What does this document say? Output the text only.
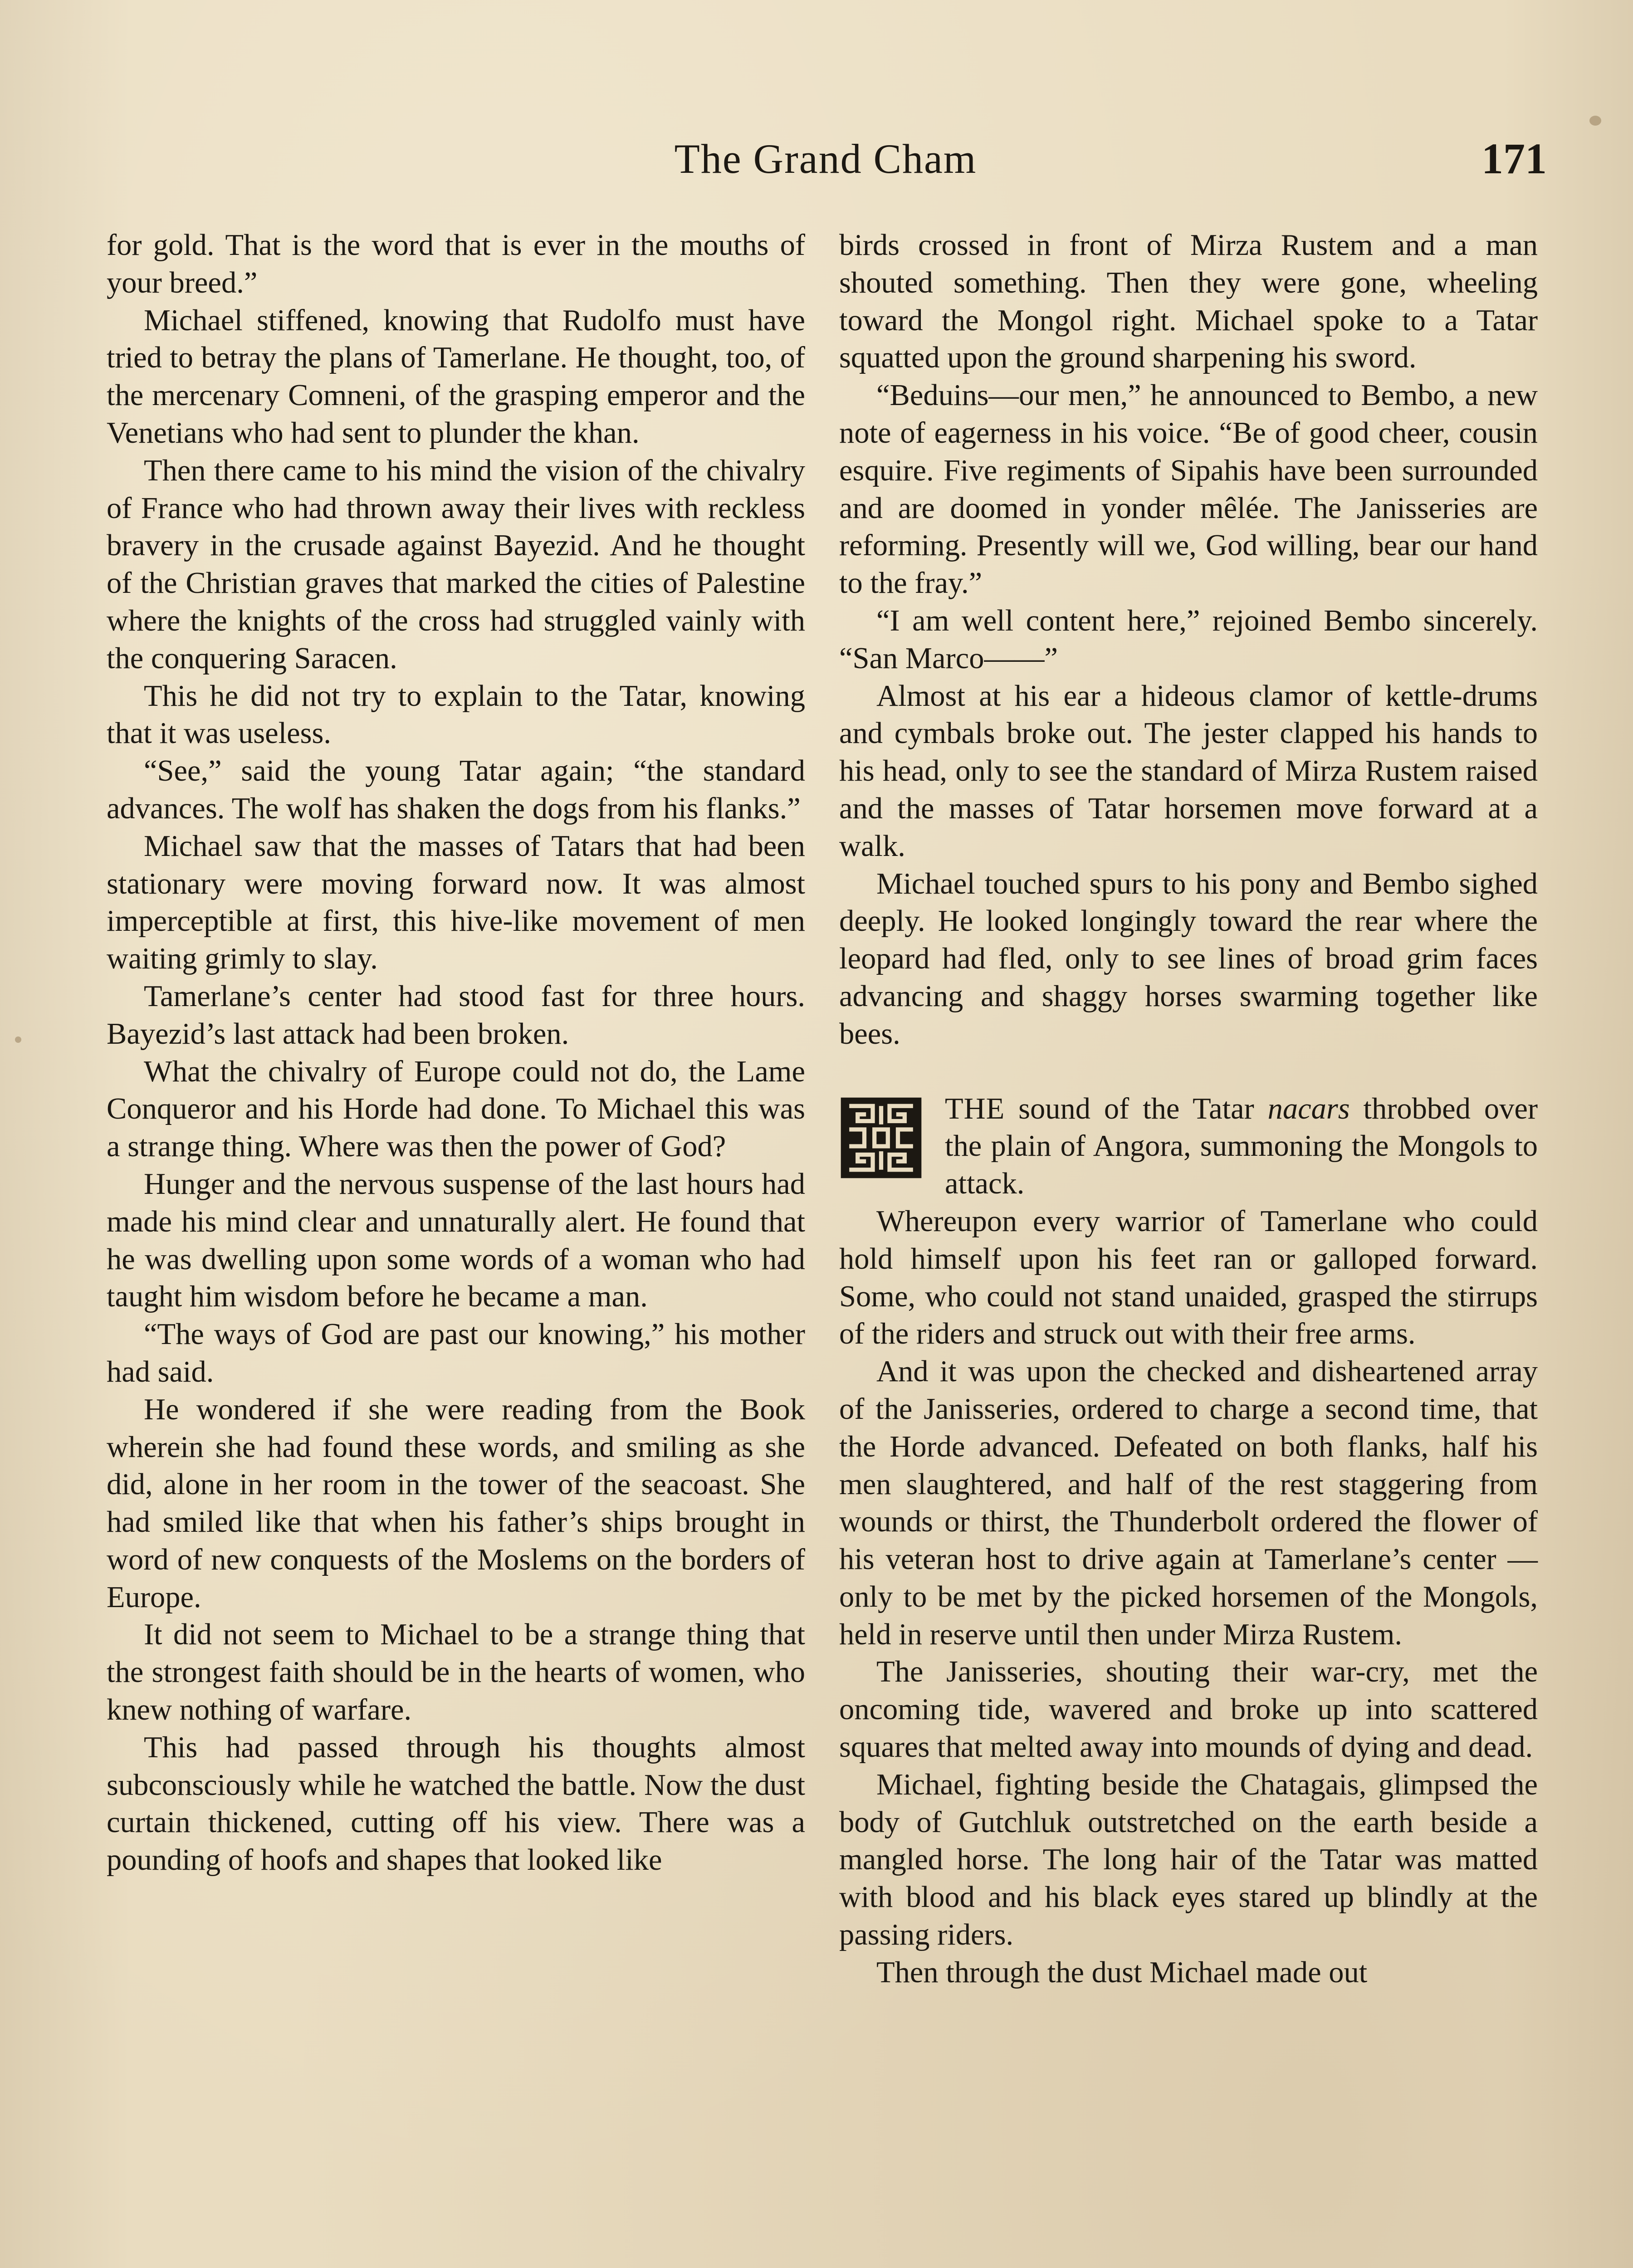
The Grand Cham	171

for gold. That is the word that is ever in the mouths of your breed.”

Michael stiffened, knowing that Rudolfo must have tried to betray the plans of Tamerlane. He thought, too, of the mercenary Comneni, of the grasping emperor and the Venetians who had sent to plunder the khan.

Then there came to his mind the vision of the chivalry of France who had thrown away their lives with reckless bravery in the crusade against Bayezid. And he thought of the Christian graves that marked the cities of Palestine where the knights of the cross had struggled vainly with the conquering Saracen.

This he did not try to explain to the Tatar, knowing that it was useless.

“See,” said the young Tatar again; “the standard advances. The wolf has shaken the dogs from his flanks.”

Michael saw that the masses of Tatars that had been stationary were moving forward now. It was almost imperceptible at first, this hive-like movement of men waiting grimly to slay.

Tamerlane’s center had stood fast for three hours. Bayezid’s last attack had been broken.

What the chivalry of Europe could not do, the Lame Conqueror and his Horde had done. To Michael this was a strange thing. Where was then the power of God?

Hunger and the nervous suspense of the last hours had made his mind clear and unnaturally alert. He found that he was dwelling upon some words of a woman who had taught him wisdom before he became a man.

“The ways of God are past our knowing,” his mother had said.

He wondered if she were reading from the Book wherein she had found these words, and smiling as she did, alone in her room in the tower of the seacoast. She had smiled like that when his father’s ships brought in word of new conquests of the Moslems on the borders of Europe.

It did not seem to Michael to be a strange thing that the strongest faith should be in the hearts of women, who knew nothing of warfare.

This had passed through his thoughts almost subconsciously while he watched the battle. Now the dust curtain thickened, cutting off his view. There was a pounding of hoofs and shapes that looked like

birds crossed in front of Mirza Rustem and a man shouted something. Then they were gone, wheeling toward the Mongol right. Michael spoke to a Tatar squatted upon the ground sharpening his sword.

“Beduins—our men,” he announced to Bembo, a new note of eagerness in his voice. “Be of good cheer, cousin esquire. Five regiments of Sipahis have been surrounded and are doomed in yonder mêlée. The Janisseries are reforming. Presently will we, God willing, bear our hand to the fray.”

“I am well content here,” rejoined Bembo sincerely. “San Marco——”

Almost at his ear a hideous clamor of kettle-drums and cymbals broke out. The jester clapped his hands to his head, only to see the standard of Mirza Rustem raised and the masses of Tatar horsemen move forward at a walk.

Michael touched spurs to his pony and Bembo sighed deeply. He looked longingly toward the rear where the leopard had fled, only to see lines of broad grim faces advancing and shaggy horses swarming together like bees.

THE sound of the Tatar nacars throbbed over the plain of Angora, summoning the Mongols to attack.

Whereupon every warrior of Tamerlane who could hold himself upon his feet ran or galloped forward. Some, who could not stand unaided, grasped the stirrups of the riders and struck out with their free arms.

And it was upon the checked and disheartened array of the Janisseries, ordered to charge a second time, that the Horde advanced. Defeated on both flanks, half his men slaughtered, and half of the rest staggering from wounds or thirst, the Thunderbolt ordered the flower of his veteran host to drive again at Tamerlane’s center —only to be met by the picked horsemen of the Mongols, held in reserve until then under Mirza Rustem.

The Janisseries, shouting their war-cry, met the oncoming tide, wavered and broke up into scattered squares that melted away into mounds of dying and dead.

Michael, fighting beside the Chatagais, glimpsed the body of Gutchluk outstretched on the earth beside a mangled horse. The long hair of the Tatar was matted with blood and his black eyes stared up blindly at the passing riders.

Then through the dust Michael made out
